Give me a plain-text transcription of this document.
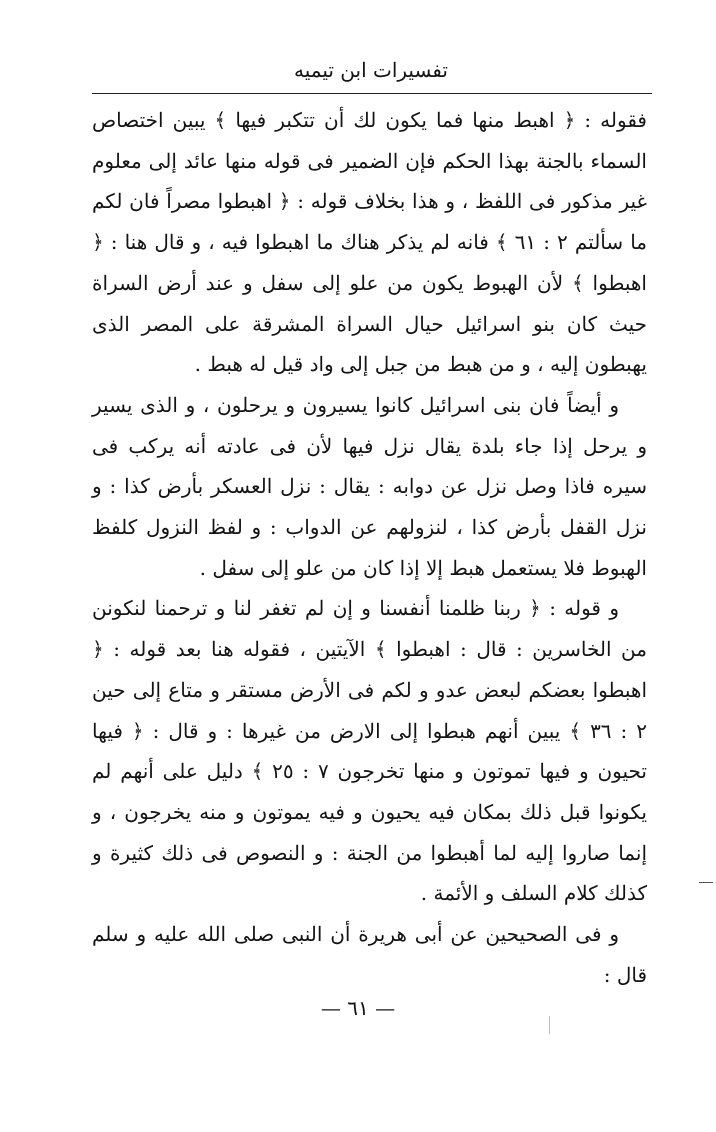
تفسيرات ابن تيميه

فقوله : ﴿ اهبط منها فما يكون لك أن تتكبر فيها ﴾ يبين اختصاص السماء بالجنة بهذا الحكم فإن الضمير فى قوله منها عائد إلى معلوم غير مذكور فى اللفظ ، و هذا بخلاف قوله : ﴿ اهبطوا مصراً فان لكم ما سألتم ٢ : ٦١ ﴾ فانه لم يذكر هناك ما اهبطوا فيه ، و قال هنا : ﴿ اهبطوا ﴾ لأن الهبوط يكون من علو إلى سفل و عند أرض السراة حيث كان بنو اسرائيل حيال السراة المشرقة على المصر الذى يهبطون إليه ، و من هبط من جبل إلى واد قيل له هبط .

و أيضاً فان بنى اسرائيل كانوا يسيرون و يرحلون ، و الذى يسير و يرحل إذا جاء بلدة يقال نزل فيها لأن فى عادته أنه يركب فى سيره فاذا وصل نزل عن دوابه : يقال : نزل العسكر بأرض كذا : و نزل القفل بأرض كذا ، لنزولهم عن الدواب : و لفظ النزول كلفظ الهبوط فلا يستعمل هبط إلا إذا كان من علو إلى سفل .

و قوله : ﴿ ربنا ظلمنا أنفسنا و إن لم تغفر لنا و ترحمنا لنكونن من الخاسرين : قال : اهبطوا ﴾ الآيتين ، فقوله هنا بعد قوله : ﴿ اهبطوا بعضكم لبعض عدو و لكم فى الأرض مستقر و متاع إلى حين ٢ : ٣٦ ﴾ يبين أنهم هبطوا إلى الارض من غيرها : و قال : ﴿ فيها تحيون و فيها تموتون و منها تخرجون ٧ : ٢٥ ﴾ دليل على أنهم لم يكونوا قبل ذلك بمكان فيه يحيون و فيه يموتون و منه يخرجون ، و إنما صاروا إليه لما أهبطوا من الجنة : و النصوص فى ذلك كثيرة و كذلك كلام السلف و الأئمة .

و فى الصحيحين عن أبى هريرة أن النبى صلى الله عليه و سلم قال :

— ٦١ —
